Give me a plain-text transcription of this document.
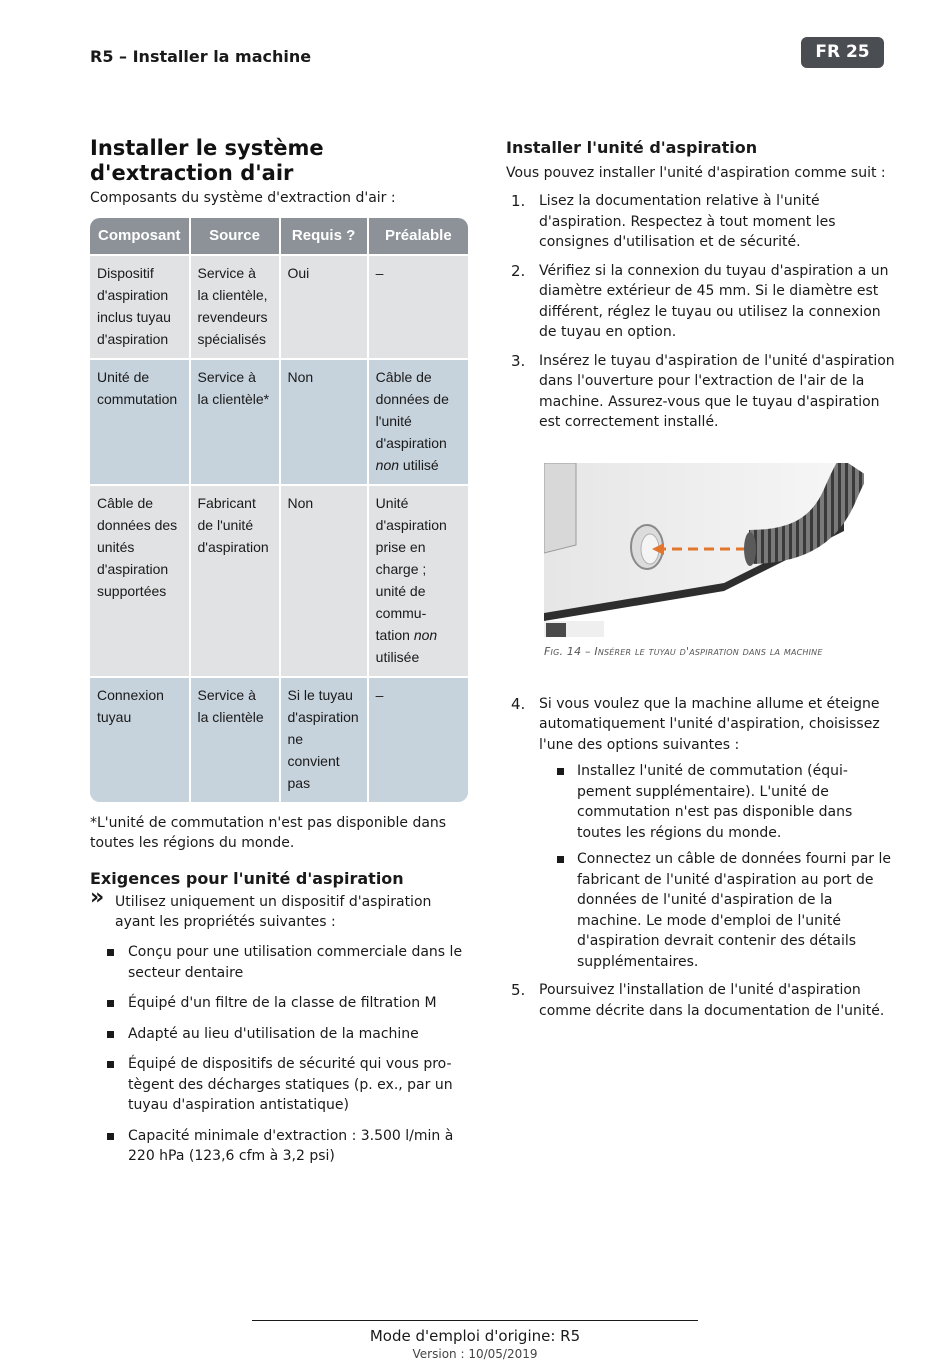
R5 – Installer la machine	FR 25
Installer le système d'extraction d'air
Composants du système d'extraction d'air :
Composant	Source	Requis ?	Préalable
Dispositif d'aspiration inclus tuyau d'aspiration	Service à la clientèle, revendeurs spécialisés	Oui	–
Unité de commutation	Service à la clientèle*	Non	Câble de données de l'unité d'aspiration non utilisé
Câble de données des unités d'aspiration supportées	Fabricant de l'unité d'aspiration	Non	Unité d'aspiration prise en charge ; unité de commu- tation non utilisée
Connexion tuyau	Service à la clientèle	Si le tuyau d'aspiration ne convient pas	–
*L'unité de commutation n'est pas disponible dans toutes les régions du monde.
Exigences pour l'unité d'aspiration
» Utilisez uniquement un dispositif d'aspiration ayant les propriétés suivantes :
Conçu pour une utilisation commerciale dans le secteur dentaire
Équipé d'un filtre de la classe de filtration M
Adapté au lieu d'utilisation de la machine
Équipé de dispositifs de sécurité qui vous pro- tègent des décharges statiques (p. ex., par un tuyau d'aspiration antistatique)
Capacité minimale d'extraction : 3.500 l/min à 220 hPa (123,6 cfm à 3,2 psi)
Installer l'unité d'aspiration
Vous pouvez installer l'unité d'aspiration comme suit :
1. Lisez la documentation relative à l'unité d'aspiration. Respectez à tout moment les consignes d'utilisation et de sécurité.
2. Vérifiez si la connexion du tuyau d'aspiration a un diamètre extérieur de 45 mm. Si le diamètre est différent, réglez le tuyau ou utilisez la connexion de tuyau en option.
3. Insérez le tuyau d'aspiration de l'unité d'aspiration dans l'ouverture pour l'extraction de l'air de la machine. Assurez-vous que le tuyau d'aspiration est correctement installé.
Fig. 14 – Insérer le tuyau d'aspiration dans la machine
4. Si vous voulez que la machine allume et éteigne automatiquement l'unité d'aspiration, choisissez l'une des options suivantes :
Installez l'unité de commutation (équi- pement supplémentaire). L'unité de commutation n'est pas disponible dans toutes les régions du monde.
Connectez un câble de données fourni par le fabricant de l'unité d'aspiration au port de données de l'unité d'aspiration de la machine. Le mode d'emploi de l'unité d'aspiration devrait contenir des détails supplémentaires.
5. Poursuivez l'installation de l'unité d'aspiration comme décrite dans la documentation de l'unité.
Mode d'emploi d'origine: R5
Version : 10/05/2019
